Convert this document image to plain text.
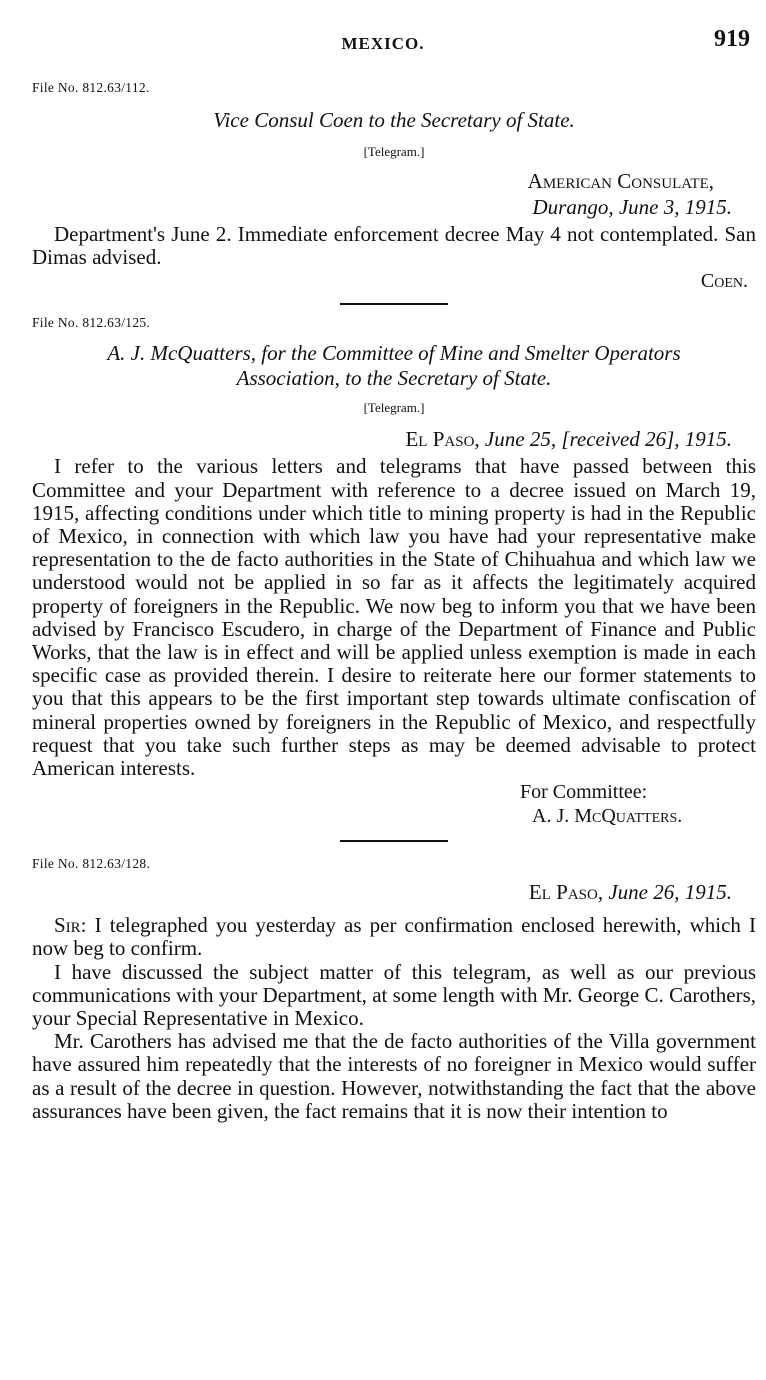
MEXICO.	919

File No. 812.63/112.

Vice Consul Coen to the Secretary of State.

[Telegram.]

American Consulate,

Durango, June 3, 1915.

Department's June 2. Immediate enforcement decree May 4 not contemplated. San Dimas advised.

Coen.

File No. 812.63/125.

A. J. McQuatters, for the Committee of Mine and Smelter Operators
Association, to the Secretary of State.

[Telegram.]

El Paso, June 25, [received 26], 1915.

I refer to the various letters and telegrams that have passed between this Committee and your Department with reference to a decree issued on March 19, 1915, affecting conditions under which title to mining property is had in the Republic of Mexico, in connection with which law you have had your representative make representation to the de facto authorities in the State of Chihuahua and which law we understood would not be applied in so far as it affects the legitimately acquired property of foreigners in the Republic. We now beg to inform you that we have been advised by Francisco Escudero, in charge of the Department of Finance and Public Works, that the law is in effect and will be applied unless exemption is made in each specific case as provided therein. I desire to reiterate here our former statements to you that this appears to be the first important step towards ultimate confiscation of mineral properties owned by foreigners in the Republic of Mexico, and respectfully request that you take such further steps as may be deemed advisable to protect American interests.

For Committee:
A. J. McQuatters.

File No. 812.63/128.

El Paso, June 26, 1915.

Sir: I telegraphed you yesterday as per confirmation enclosed herewith, which I now beg to confirm.

I have discussed the subject matter of this telegram, as well as our previous communications with your Department, at some length with Mr. George C. Carothers, your Special Representative in Mexico.

Mr. Carothers has advised me that the de facto authorities of the Villa government have assured him repeatedly that the interests of no foreigner in Mexico would suffer as a result of the decree in question. However, notwithstanding the fact that the above assurances have been given, the fact remains that it is now their intention to
